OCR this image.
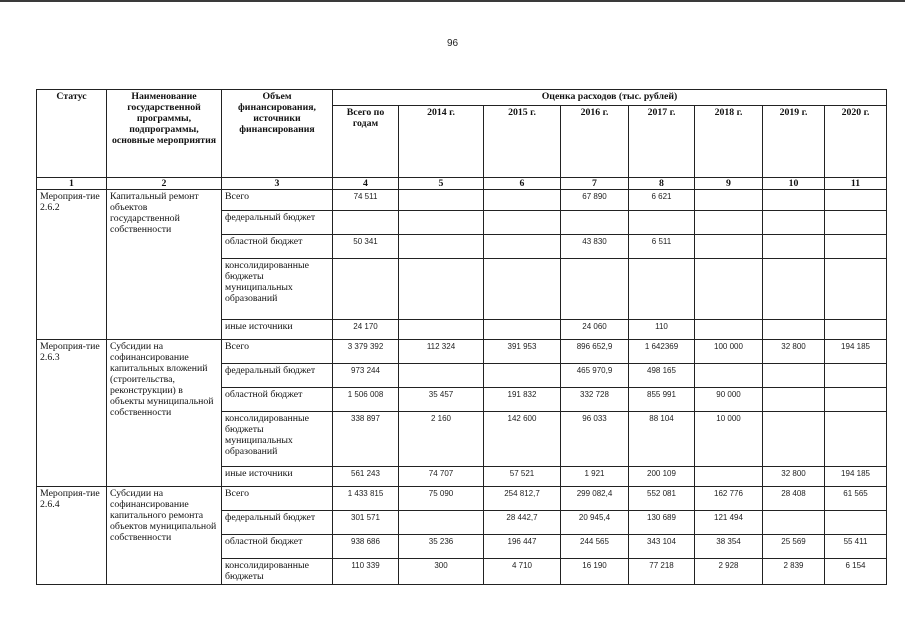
96
Статус	Наименование государственной программы, подпрограммы, основные мероприятия	Объем финансирования, источники финансирования	Оценка расходов (тыс. рублей)							
			Всего по годам	2014 г.	2015 г.	2016 г.	2017 г.	2018 г.	2019 г.	2020 г.
1	2	3	4	5	6	7	8	9	10	11
Мероприя-тие 2.6.2	Капитальный ремонт объектов государственной собственности	Всего	74 511			67 890	6 621			
		федеральный бюджет								
		областной бюджет	50 341			43 830	6 511			
		консолидированные бюджеты муниципальных образований								
		иные источники	24 170			24 060	110			
Мероприя-тие 2.6.3	Субсидии на софинансирование капитальных вложений (строительства, реконструкции) в объекты муниципальной собственности	Всего	3 379 392	112 324	391 953	896 652,9	1 642369	100 000	32 800	194 185
		федеральный бюджет	973 244			465 970,9	498 165			
		областной бюджет	1 506 008	35 457	191 832	332 728	855 991	90 000		
		консолидированные бюджеты муниципальных образований	338 897	2 160	142 600	96 033	88 104	10 000		
		иные источники	561 243	74 707	57 521	1 921	200 109		32 800	194 185
Мероприя-тие 2.6.4	Субсидии на софинансирование капитального ремонта объектов муниципальной собственности	Всего	1 433 815	75 090	254 812,7	299 082,4	552 081	162 776	28 408	61 565
		федеральный бюджет	301 571		28 442,7	20 945,4	130 689	121 494		
		областной бюджет	938 686	35 236	196 447	244 565	343 104	38 354	25 569	55 411
		консолидированные бюджеты	110 339	300	4 710	16 190	77 218	2 928	2 839	6 154
